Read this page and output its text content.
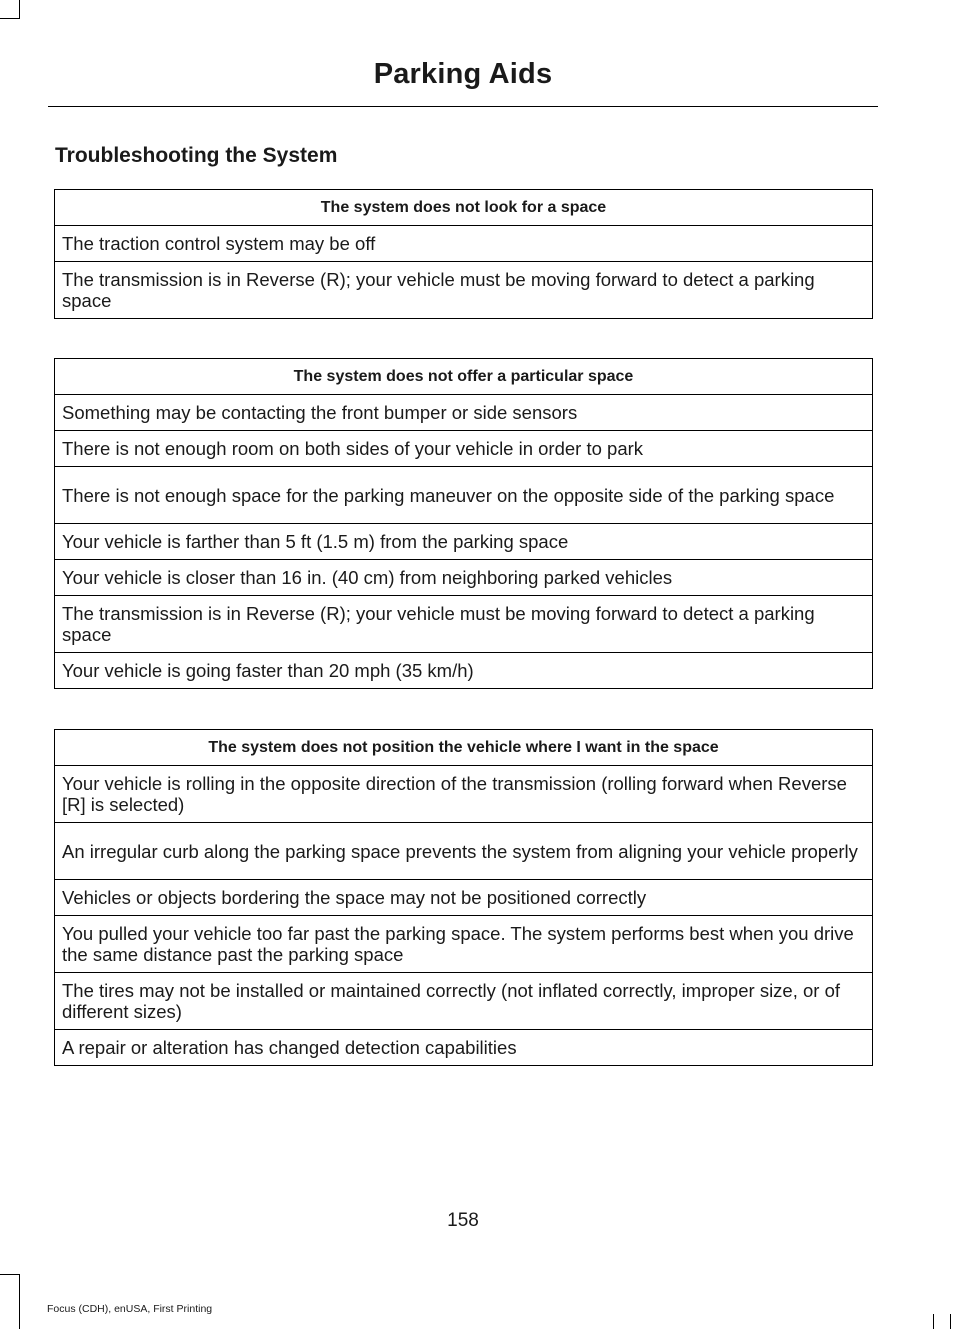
Parking Aids
Troubleshooting the System
The system does not look for a space
The traction control system may be off
The transmission is in Reverse (R); your vehicle must be moving forward to detect a parking space
The system does not offer a particular space
Something may be contacting the front bumper or side sensors
There is not enough room on both sides of your vehicle in order to park
There is not enough space for the parking maneuver on the opposite side of the parking space
Your vehicle is farther than 5 ft (1.5 m) from the parking space
Your vehicle is closer than 16 in. (40 cm) from neighboring parked vehicles
The transmission is in Reverse (R); your vehicle must be moving forward to detect a parking space
Your vehicle is going faster than 20 mph (35 km/h)
The system does not position the vehicle where I want in the space
Your vehicle is rolling in the opposite direction of the transmission (rolling forward when Reverse [R] is selected)
An irregular curb along the parking space prevents the system from aligning your vehicle properly
Vehicles or objects bordering the space may not be positioned correctly
You pulled your vehicle too far past the parking space. The system performs best when you drive the same distance past the parking space
The tires may not be installed or maintained correctly (not inflated correctly, improper size, or of different sizes)
A repair or alteration has changed detection capabilities
158
Focus (CDH), enUSA, First Printing
